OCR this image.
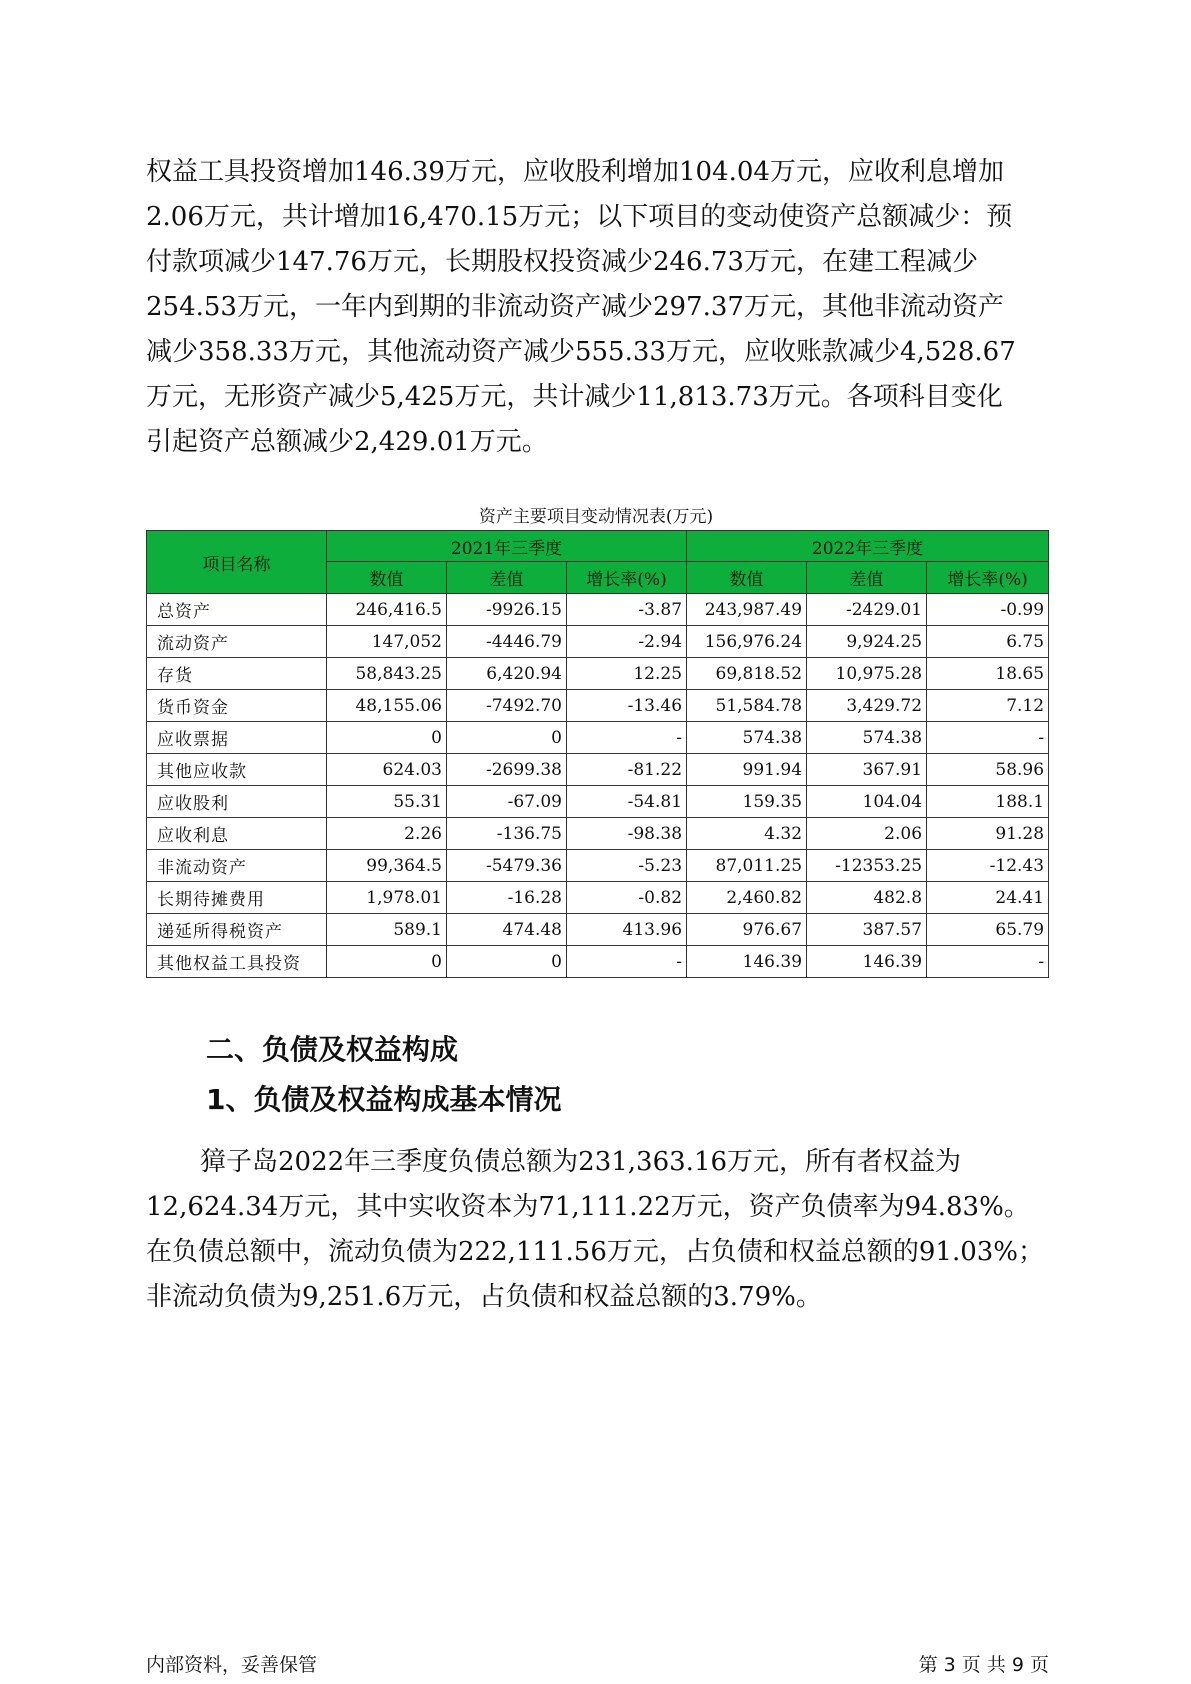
权益工具投资增加146.39万元，应收股利增加104.04万元，应收利息增加
2.06万元，共计增加16,470.15万元；以下项目的变动使资产总额减少：预
付款项减少147.76万元，长期股权投资减少246.73万元，在建工程减少
254.53万元，一年内到期的非流动资产减少297.37万元，其他非流动资产
减少358.33万元，其他流动资产减少555.33万元，应收账款减少4,528.67
万元，无形资产减少5,425万元，共计减少11,813.73万元。各项科目变化
引起资产总额减少2,429.01万元。
资产主要项目变动情况表(万元)
项目名称	2021年三季度			2022年三季度		
	数值	差值	增长率(%)	数值	差值	增长率(%)
总资产	246,416.5	-9926.15	-3.87	243,987.49	-2429.01	-0.99
流动资产	147,052	-4446.79	-2.94	156,976.24	9,924.25	6.75
存货	58,843.25	6,420.94	12.25	69,818.52	10,975.28	18.65
货币资金	48,155.06	-7492.70	-13.46	51,584.78	3,429.72	7.12
应收票据	0	0	-	574.38	574.38	-
其他应收款	624.03	-2699.38	-81.22	991.94	367.91	58.96
应收股利	55.31	-67.09	-54.81	159.35	104.04	188.1
应收利息	2.26	-136.75	-98.38	4.32	2.06	91.28
非流动资产	99,364.5	-5479.36	-5.23	87,011.25	-12353.25	-12.43
长期待摊费用	1,978.01	-16.28	-0.82	2,460.82	482.8	24.41
递延所得税资产	589.1	474.48	413.96	976.67	387.57	65.79
其他权益工具投资	0	0	-	146.39	146.39	-
二、负债及权益构成
1、负债及权益构成基本情况
獐子岛2022年三季度负债总额为231,363.16万元，所有者权益为
12,624.34万元，其中实收资本为71,111.22万元，资产负债率为94.83%。
在负债总额中，流动负债为222,111.56万元，占负债和权益总额的91.03%；
非流动负债为9,251.6万元，占负债和权益总额的3.79%。
内部资料，妥善保管	第 3 页 共 9 页
